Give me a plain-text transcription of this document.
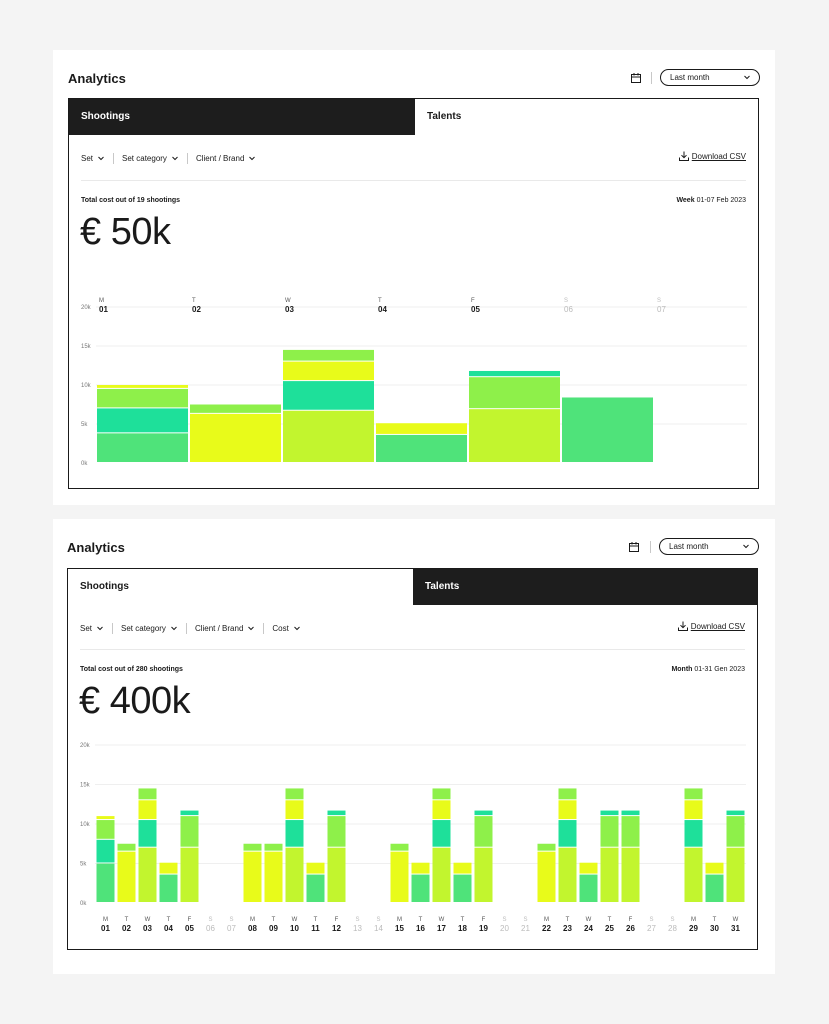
Analytics	Last month
Shootings	Talents
Set	Set category	Client / Brand	Download CSV
Total cost out of 19 shootings	Week 01-07 Feb 2023
€ 50k
20k
15k
10k
5k
0k
M
01
T
02
W
03
T
04
F
05
S
06
S
07
Analytics	Last month
Shootings	Talents
Set	Set category	Client / Brand	Cost	Download CSV
Total cost out of 280 shootings	Month 01-31 Gen 2023
€ 400k
20k
15k
10k
5k
0k
M
01
T
02
W
03
T
04
F
05
S
06
S
07
M
08
T
09
W
10
T
11
F
12
S
13
S
14
M
15
T
16
W
17
T
18
F
19
S
20
S
21
M
22
T
23
W
24
T
25
F
26
S
27
S
28
M
29
T
30
W
31
